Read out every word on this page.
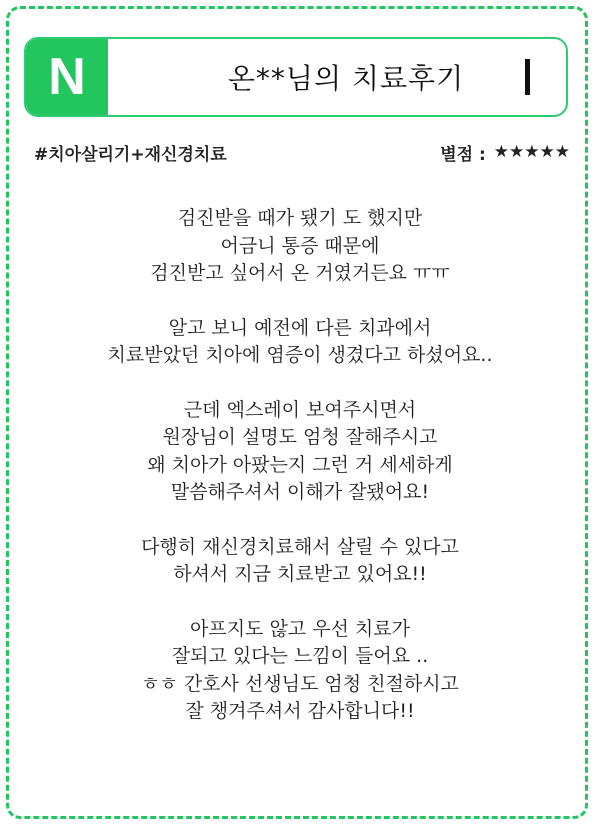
N	온**님의 치료후기
#치아살리기+재신경치료	별점 : ★★★★★
검진받을 때가 됐기 도 했지만
어금니 통증 때문에
검진받고 싶어서 온 거였거든요 ㅠㅠ
알고 보니 예전에 다른 치과에서
치료받았던 치아에 염증이 생겼다고 하셨어요..
근데 엑스레이 보여주시면서
원장님이 설명도 엄청 잘해주시고
왜 치아가 아팠는지 그런 거 세세하게
말씀해주셔서 이해가 잘됐어요!
다행히 재신경치료해서 살릴 수 있다고
하셔서 지금 치료받고 있어요!!
아프지도 않고 우선 치료가
잘되고 있다는 느낌이 들어요 ..
ㅎㅎ 간호사 선생님도 엄청 친절하시고
잘 챙겨주셔서 감사합니다!!
